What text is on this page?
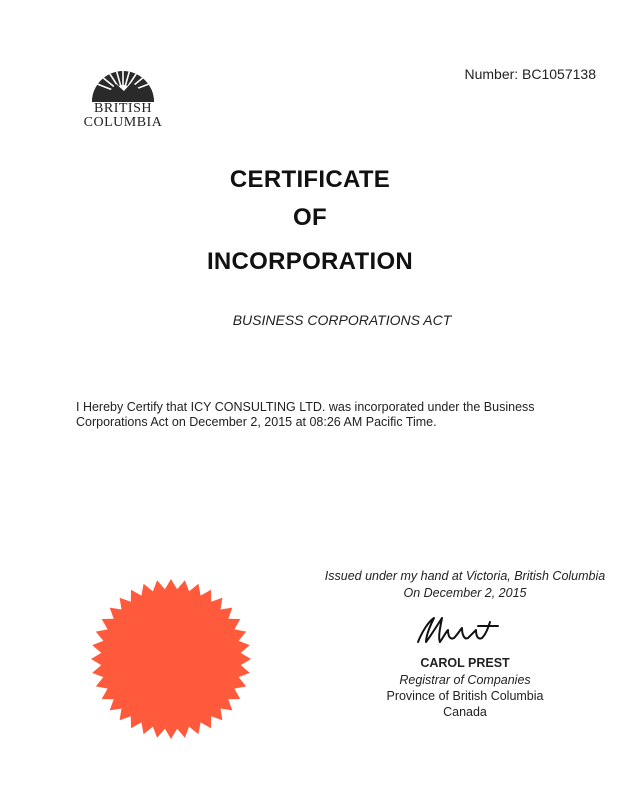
BRITISH
COLUMBIA
Number: BC1057138
CERTIFICATE
OF
INCORPORATION
BUSINESS CORPORATIONS ACT
I Hereby Certify that ICY CONSULTING LTD. was incorporated under the Business Corporations Act on December 2, 2015 at 08:26 AM Pacific Time.
Issued under my hand at Victoria, British Columbia
On December 2, 2015
CAROL PREST
Registrar of Companies
Province of British Columbia
Canada
